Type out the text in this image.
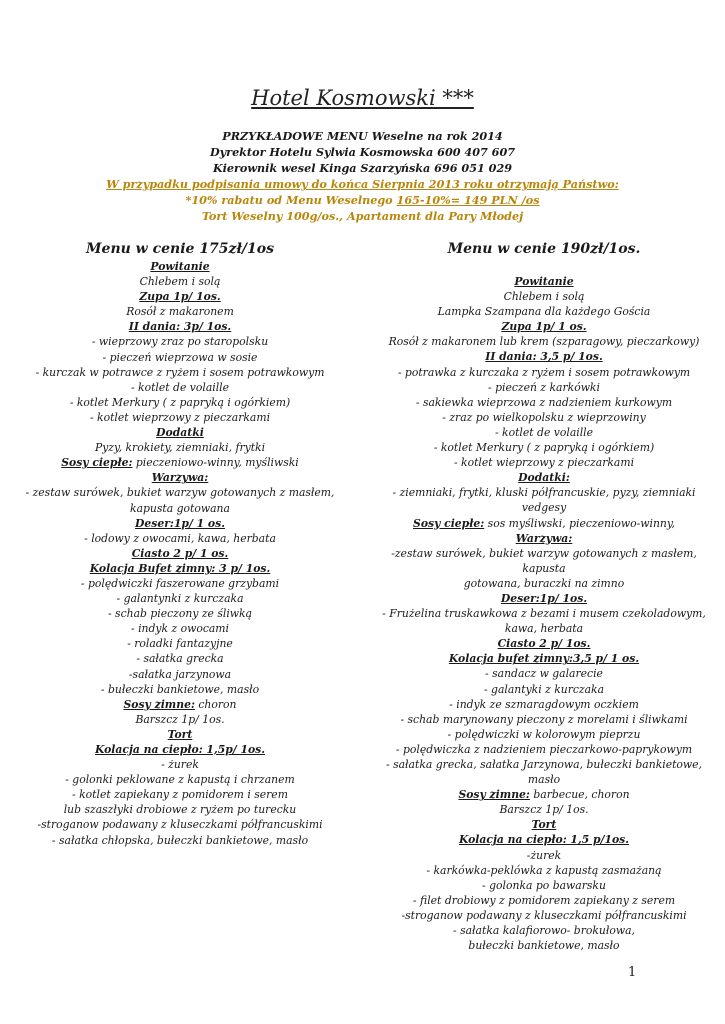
Hotel Kosmowski ***
PRZYKŁADOWE MENU Weselne na rok 2014
Dyrektor Hotelu Sylwia Kosmowska 600 407 607
Kierownik wesel Kinga Szarzyńska 696 051 029
W przypadku podpisania umowy do końca Sierpnia 2013 roku otrzymają Państwo:
*10% rabatu od Menu Weselnego 165-10%= 149 PLN /os
Tort Weselny 100g/os., Apartament dla Pary Młodej
Menu w cenie 175zł/1os
Powitanie
Chlebem i solą
Zupa 1p/ 1os.
Rosół z makaronem
II dania: 3p/ 1os.
- wieprzowy zraz po staropolsku
- pieczeń wieprzowa w sosie
- kurczak w potrawce z ryżem i sosem potrawkowym
- kotlet de volaille
- kotlet Merkury ( z papryką i ogórkiem)
- kotlet wieprzowy z pieczarkami
Dodatki
Pyzy, krokiety, ziemniaki, frytki
Sosy ciepłe: pieczeniowo-winny, myśliwski
Warzywa:
- zestaw surówek, bukiet warzyw gotowanych z masłem,
kapusta gotowana
Deser:1p/ 1 os.
- lodowy z owocami, kawa, herbata
Ciasto 2 p/ 1 os.
Kolacja Bufet zimny: 3 p/ 1os.
- polędwiczki faszerowane grzybami
- galantynki z kurczaka
- schab pieczony ze śliwką
- indyk z owocami
- roladki fantazyjne
- sałatka grecka
-sałatka jarzynowa
- bułeczki bankietowe, masło
Sosy zimne: choron
Barszcz 1p/ 1os.
Tort
Kolacja na ciepło: 1,5p/ 1os.
- żurek
- golonki peklowane z kapustą i chrzanem
- kotlet zapiekany z pomidorem i serem
lub szaszłyki drobiowe z ryżem po turecku
-stroganow podawany z kluseczkami półfrancuskimi
- sałatka chłopska, bułeczki bankietowe, masło
Menu w cenie 190zł/1os.
Powitanie
Chlebem i solą
Lampka Szampana dla każdego Gościa
Zupa 1p/ 1 os.
Rosół z makaronem lub krem (szparagowy, pieczarkowy)
II dania: 3,5 p/ 1os.
- potrawka z kurczaka z ryżem i sosem potrawkowym
- pieczeń z karkówki
- sakiewka wieprzowa z nadzieniem kurkowym
- zraz po wielkopolsku z wieprzowiny
- kotlet de volaille
- kotlet Merkury ( z papryką i ogórkiem)
- kotlet wieprzowy z pieczarkami
Dodatki:
- ziemniaki, frytki, kluski półfrancuskie, pyzy, ziemniaki vedgesy
Sosy ciepłe: sos myśliwski, pieczeniowo-winny,
Warzywa:
-zestaw surówek, bukiet warzyw gotowanych z masłem, kapusta
gotowana, buraczki na zimno
Deser:1p/ 1os.
- Frużelina truskawkowa z bezami i musem czekoladowym,
kawa, herbata
Ciasto 2 p/ 1os.
Kolacja bufet zimny:3,5 p/ 1 os.
- sandacz w galarecie
- galantyki z kurczaka
- indyk ze szmaragdowym oczkiem
- schab marynowany pieczony z morelami i śliwkami
- polędwiczki w kolorowym pieprzu
- polędwiczka z nadzieniem pieczarkowo-paprykowym
- sałatka grecka, sałatka Jarzynowa, bułeczki bankietowe, masło
Sosy zimne: barbecue, choron
Barszcz 1p/ 1os.
Tort
Kolacja na ciepło: 1,5 p/1os.
-żurek
- karkówka-peklówka z kapustą zasmażaną
- golonka po bawarsku
- filet drobiowy z pomidorem zapiekany z serem
-stroganow podawany z kluseczkami półfrancuskimi
- sałatka kalafiorowo- brokułowa,
bułeczki bankietowe, masło
1
